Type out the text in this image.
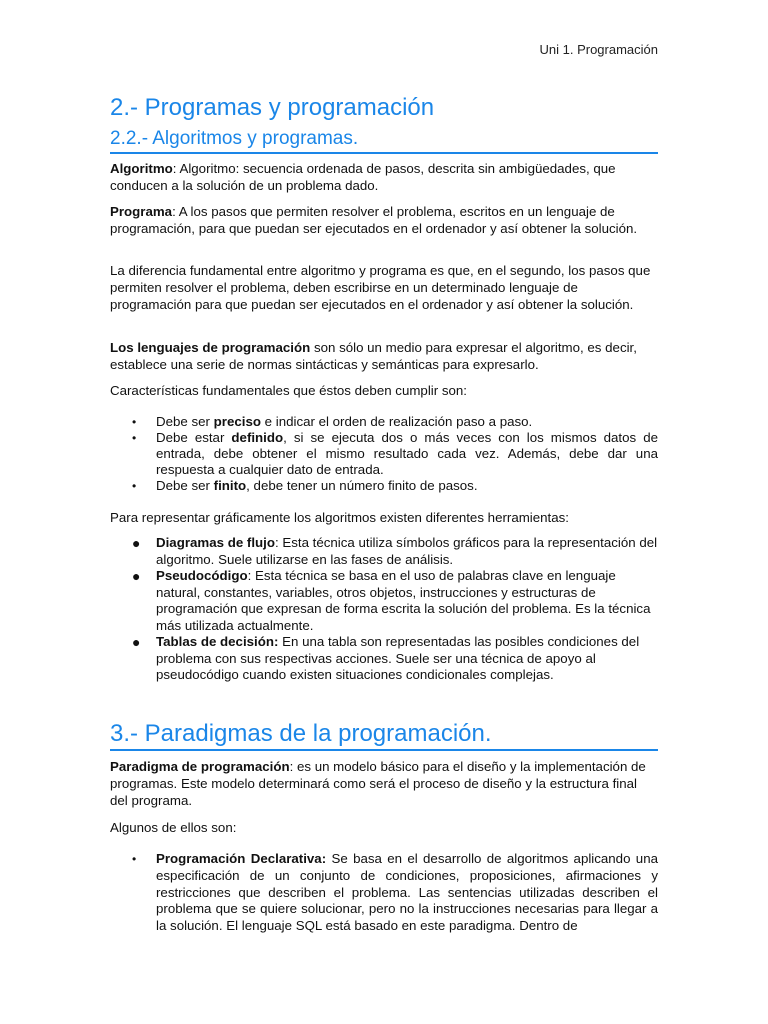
Uni 1. Programación
2.- Programas y programación
2.2.- Algoritmos y programas.

Algoritmo: Algoritmo: secuencia ordenada de pasos, descrita sin ambigüedades, que conducen a la solución de un problema dado.

Programa: A los pasos que permiten resolver el problema, escritos en un lenguaje de programación, para que puedan ser ejecutados en el ordenador y así obtener la solución.

La diferencia fundamental entre algoritmo y programa es que, en el segundo, los pasos que permiten resolver el problema, deben escribirse en un determinado lenguaje de programación para que puedan ser ejecutados en el ordenador y así obtener la solución.

Los lenguajes de programación son sólo un medio para expresar el algoritmo, es decir, establece una serie de normas sintácticas y semánticas para expresarlo.

Características fundamentales que éstos deben cumplir son:

• Debe ser preciso e indicar el orden de realización paso a paso.
• Debe estar definido, si se ejecuta dos o más veces con los mismos datos de entrada, debe obtener el mismo resultado cada vez. Además, debe dar una respuesta a cualquier dato de entrada.
• Debe ser finito, debe tener un número finito de pasos.

Para representar gráficamente los algoritmos existen diferentes herramientas:

● Diagramas de flujo: Esta técnica utiliza símbolos gráficos para la representación del algoritmo. Suele utilizarse en las fases de análisis.
● Pseudocódigo: Esta técnica se basa en el uso de palabras clave en lenguaje natural, constantes, variables, otros objetos, instrucciones y estructuras de programación que expresan de forma escrita la solución del problema. Es la técnica más utilizada actualmente.
● Tablas de decisión: En una tabla son representadas las posibles condiciones del problema con sus respectivas acciones. Suele ser una técnica de apoyo al pseudocódigo cuando existen situaciones condicionales complejas.
3.- Paradigmas de la programación.

Paradigma de programación: es un modelo básico para el diseño y la implementación de programas. Este modelo determinará como será el proceso de diseño y la estructura final del programa.

Algunos de ellos son:

• Programación Declarativa: Se basa en el desarrollo de algoritmos aplicando una especificación de un conjunto de condiciones, proposiciones, afirmaciones y restricciones que describen el problema. Las sentencias utilizadas describen el problema que se quiere solucionar, pero no la instrucciones necesarias para llegar a la solución. El lenguaje SQL está basado en este paradigma. Dentro de
